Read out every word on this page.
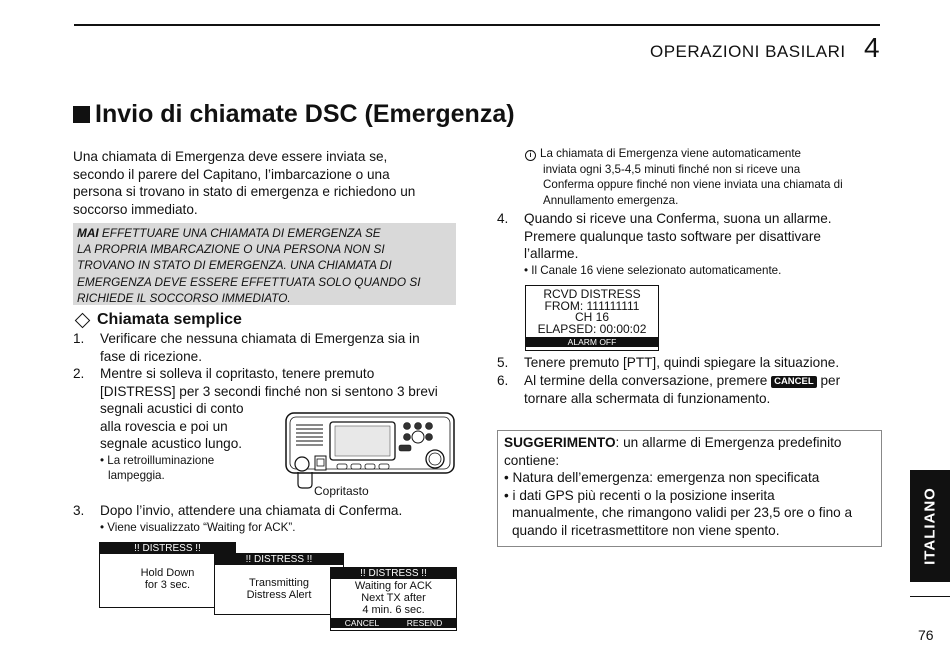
OPERAZIONI BASILARI 4
Invio di chiamate DSC (Emergenza)
Una chiamata di Emergenza deve essere inviata se,
secondo il parere del Capitano, l’imbarcazione o una
persona si trovano in stato di emergenza e richiedono un
soccorso immediato.
MAI EFFETTUARE UNA CHIAMATA DI EMERGENZA SE
LA PROPRIA IMBARCAZIONE O UNA PERSONA NON SI
TROVANO IN STATO DI EMERGENZA. UNA CHIAMATA DI
EMERGENZA DEVE ESSERE EFFETTUATA SOLO QUANDO SI
RICHIEDE IL SOCCORSO IMMEDIATO.
Chiamata semplice
1. Verificare che nessuna chiamata di Emergenza sia in
fase di ricezione.
2. Mentre si solleva il copritasto, tenere premuto
[DISTRESS] per 3 secondi finché non si sentono 3 brevi
segnali acustici di conto
alla rovescia e poi un
segnale acustico lungo.
• La retroilluminazione
lampeggia.
Copritasto
3. Dopo l’invio, attendere una chiamata di Conferma.
• Viene visualizzato “Waiting for ACK”.
!! DISTRESS !!
Hold Down
for 3 sec.
!! DISTRESS !!
Transmitting
Distress Alert
!! DISTRESS !!
Waiting for ACK
Next TX after
4 min. 6 sec.
CANCEL	RESEND
i La chiamata di Emergenza viene automaticamente
inviata ogni 3,5-4,5 minuti finché non si riceve una
Conferma oppure finché non viene inviata una chiamata di
Annullamento emergenza.
4. Quando si riceve una Conferma, suona un allarme.
Premere qualunque tasto software per disattivare
l’allarme.
• Il Canale 16 viene selezionato automaticamente.
RCVD DISTRESS
FROM: 111111111
CH 16
ELAPSED: 00:00:02
ALARM OFF
5. Tenere premuto [PTT], quindi spiegare la situazione.
6. Al termine della conversazione, premere CANCEL per
tornare alla schermata di funzionamento.
SUGGERIMENTO: un allarme di Emergenza predefinito
contiene:
• Natura dell’emergenza: emergenza non specificata
• i dati GPS più recenti o la posizione inserita
manualmente, che rimangono validi per 23,5 ore o fino a
quando il ricetrasmettitore non viene spento.	ITALIANO
76
